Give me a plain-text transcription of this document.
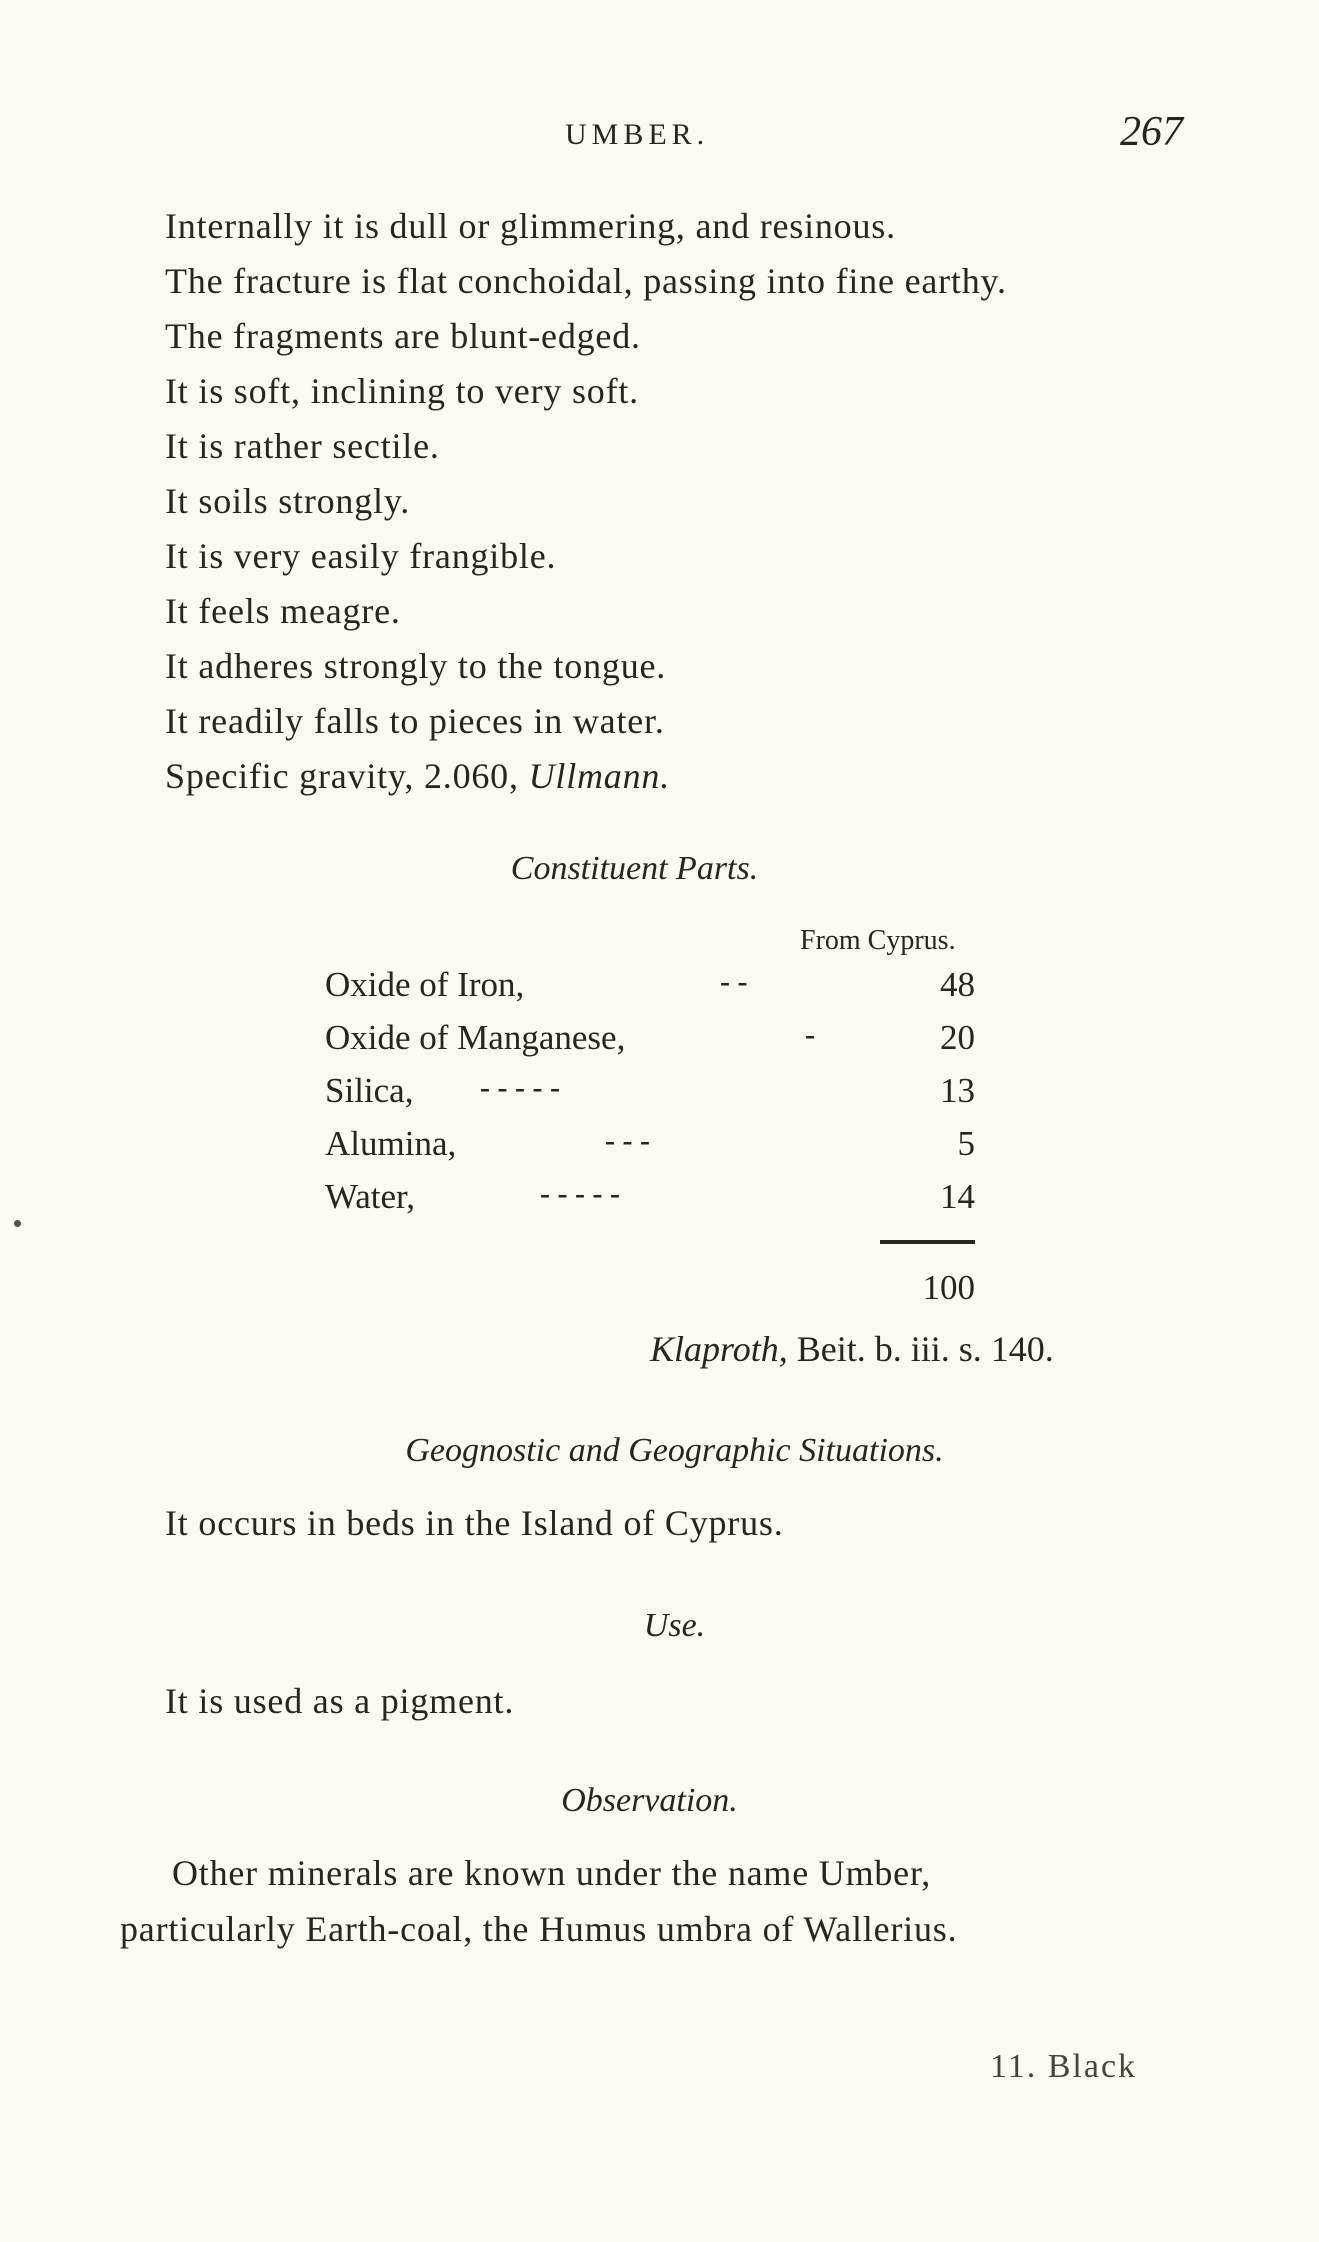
UMBER.	267
Internally it is dull or glimmering, and resinous.
The fracture is flat conchoidal, passing into fine earthy.
The fragments are blunt-edged.
It is soft, inclining to very soft.
It is rather sectile.
It soils strongly.
It is very easily frangible.
It feels meagre.
It adheres strongly to the tongue.
It readily falls to pieces in water.
Specific gravity, 2.060, Ullmann.
Constituent Parts.
From Cyprus.
Oxide of Iron,	- -	48
Oxide of Manganese,	-	20
Silica, - - - - -	13
Alumina,	- - -	5
Water,	- - - - -	14
100
Klaproth, Beit. b. iii. s. 140.
Geognostic and Geographic Situations.
It occurs in beds in the Island of Cyprus.
Use.
It is used as a pigment.
Observation.
Other minerals are known under the name Umber,
particularly Earth-coal, the Humus umbra of Wallerius.
11. Black
